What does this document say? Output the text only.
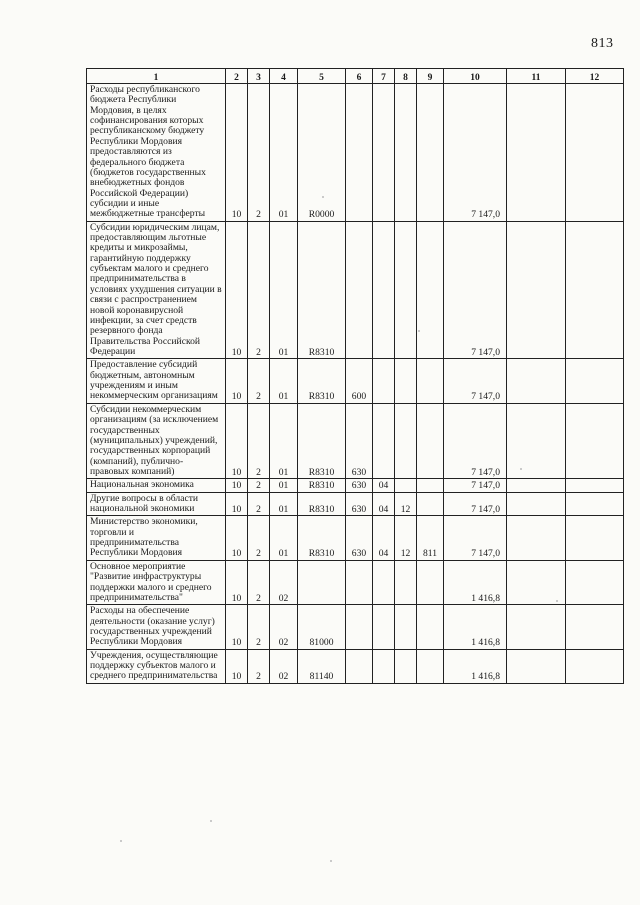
813
1	2	3	4	5	6	7	8	9	10	11	12
Расходы республиканского бюджета Республики Мордовия, в целях софинансирования которых республиканскому бюджету Республики Мордовия предоставляются из федерального бюджета (бюджетов государственных внебюджетных фондов Российской Федерации) субсидии и иные межбюджетные трансферты	10	2	01	R0000					7 147,0		
Субсидии юридическим лицам, предоставляющим льготные кредиты и микрозаймы, гарантийную поддержку субъектам малого и среднего предпринимательства в условиях ухудшения ситуации в связи с распространением новой коронавирусной инфекции, за счет средств резервного фонда Правительства Российской Федерации	10	2	01	R8310					7 147,0		
Предоставление субсидий бюджетным, автономным учреждениям и иным некоммерческим организациям	10	2	01	R8310	600				7 147,0		
Субсидии некоммерческим организациям (за исключением государственных (муниципальных) учреждений, государственных корпораций (компаний), публично-правовых компаний)	10	2	01	R8310	630				7 147,0		
Национальная экономика	10	2	01	R8310	630	04			7 147,0		
Другие вопросы в области национальной экономики	10	2	01	R8310	630	04	12		7 147,0		
Министерство экономики, торговли и предпринимательства Республики Мордовия	10	2	01	R8310	630	04	12	811	7 147,0		
Основное мероприятие "Развитие инфраструктуры поддержки малого и среднего предпринимательства"	10	2	02						1 416,8		
Расходы на обеспечение деятельности (оказание услуг) государственных учреждений Республики Мордовия	10	2	02	81000					1 416,8		
Учреждения, осуществляющие поддержку субъектов малого и среднего предпринимательства	10	2	02	81140					1 416,8		
